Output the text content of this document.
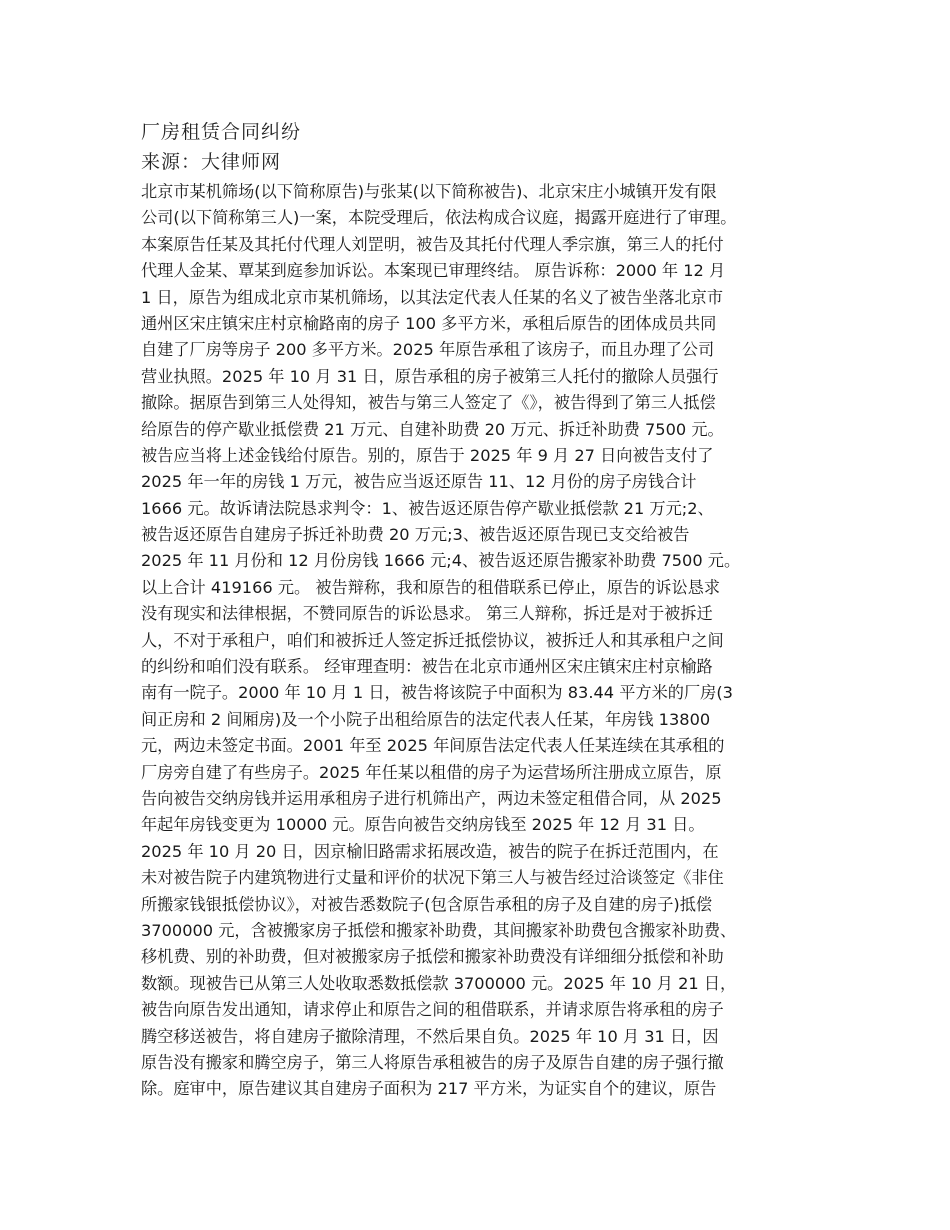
厂房租赁合同纠纷
来源：大律师网
北京市某机筛场(以下简称原告)与张某(以下简称被告)、北京宋庄小城镇开发有限
公司(以下简称第三人)一案，本院受理后，依法构成合议庭，揭露开庭进行了审理。
本案原告任某及其托付代理人刘罡明，被告及其托付代理人季宗旗，第三人的托付
代理人金某、覃某到庭参加诉讼。本案现已审理终结。 原告诉称：2000 年 12 月
1 日，原告为组成北京市某机筛场，以其法定代表人任某的名义了被告坐落北京市
通州区宋庄镇宋庄村京榆路南的房子 100 多平方米，承租后原告的团体成员共同
自建了厂房等房子 200 多平方米。2025 年原告承租了该房子，而且办理了公司
营业执照。2025 年 10 月 31 日，原告承租的房子被第三人托付的撤除人员强行
撤除。据原告到第三人处得知，被告与第三人签定了《》，被告得到了第三人抵偿
给原告的停产歇业抵偿费 21 万元、自建补助费 20 万元、拆迁补助费 7500 元。
被告应当将上述金钱给付原告。别的，原告于 2025 年 9 月 27 日向被告支付了
2025 年一年的房钱 1 万元，被告应当返还原告 11、12 月份的房子房钱合计
1666 元。故诉请法院恳求判令：1、被告返还原告停产歇业抵偿款 21 万元;2、
被告返还原告自建房子拆迁补助费 20 万元;3、被告返还原告现已支交给被告
2025 年 11 月份和 12 月份房钱 1666 元;4、被告返还原告搬家补助费 7500 元。
以上合计 419166 元。 被告辩称，我和原告的租借联系已停止，原告的诉讼恳求
没有现实和法律根据，不赞同原告的诉讼恳求。 第三人辩称，拆迁是对于被拆迁
人，不对于承租户，咱们和被拆迁人签定拆迁抵偿协议，被拆迁人和其承租户之间
的纠纷和咱们没有联系。 经审理查明：被告在北京市通州区宋庄镇宋庄村京榆路
南有一院子。2000 年 10 月 1 日，被告将该院子中面积为 83.44 平方米的厂房(3
间正房和 2 间厢房)及一个小院子出租给原告的法定代表人任某，年房钱 13800
元，两边未签定书面。2001 年至 2025 年间原告法定代表人任某连续在其承租的
厂房旁自建了有些房子。2025 年任某以租借的房子为运营场所注册成立原告，原
告向被告交纳房钱并运用承租房子进行机筛出产，两边未签定租借合同，从 2025
年起年房钱变更为 10000 元。原告向被告交纳房钱至 2025 年 12 月 31 日。
2025 年 10 月 20 日，因京榆旧路需求拓展改造，被告的院子在拆迁范围内，在
未对被告院子内建筑物进行丈量和评价的状况下第三人与被告经过洽谈签定《非住
所搬家钱银抵偿协议》，对被告悉数院子(包含原告承租的房子及自建的房子)抵偿
3700000 元，含被搬家房子抵偿和搬家补助费，其间搬家补助费包含搬家补助费、
移机费、别的补助费，但对被搬家房子抵偿和搬家补助费没有详细细分抵偿和补助
数额。现被告已从第三人处收取悉数抵偿款 3700000 元。2025 年 10 月 21 日，
被告向原告发出通知，请求停止和原告之间的租借联系，并请求原告将承租的房子
腾空移送被告，将自建房子撤除清理，不然后果自负。2025 年 10 月 31 日，因
原告没有搬家和腾空房子，第三人将原告承租被告的房子及原告自建的房子强行撤
除。庭审中，原告建议其自建房子面积为 217 平方米，为证实自个的建议，原告
